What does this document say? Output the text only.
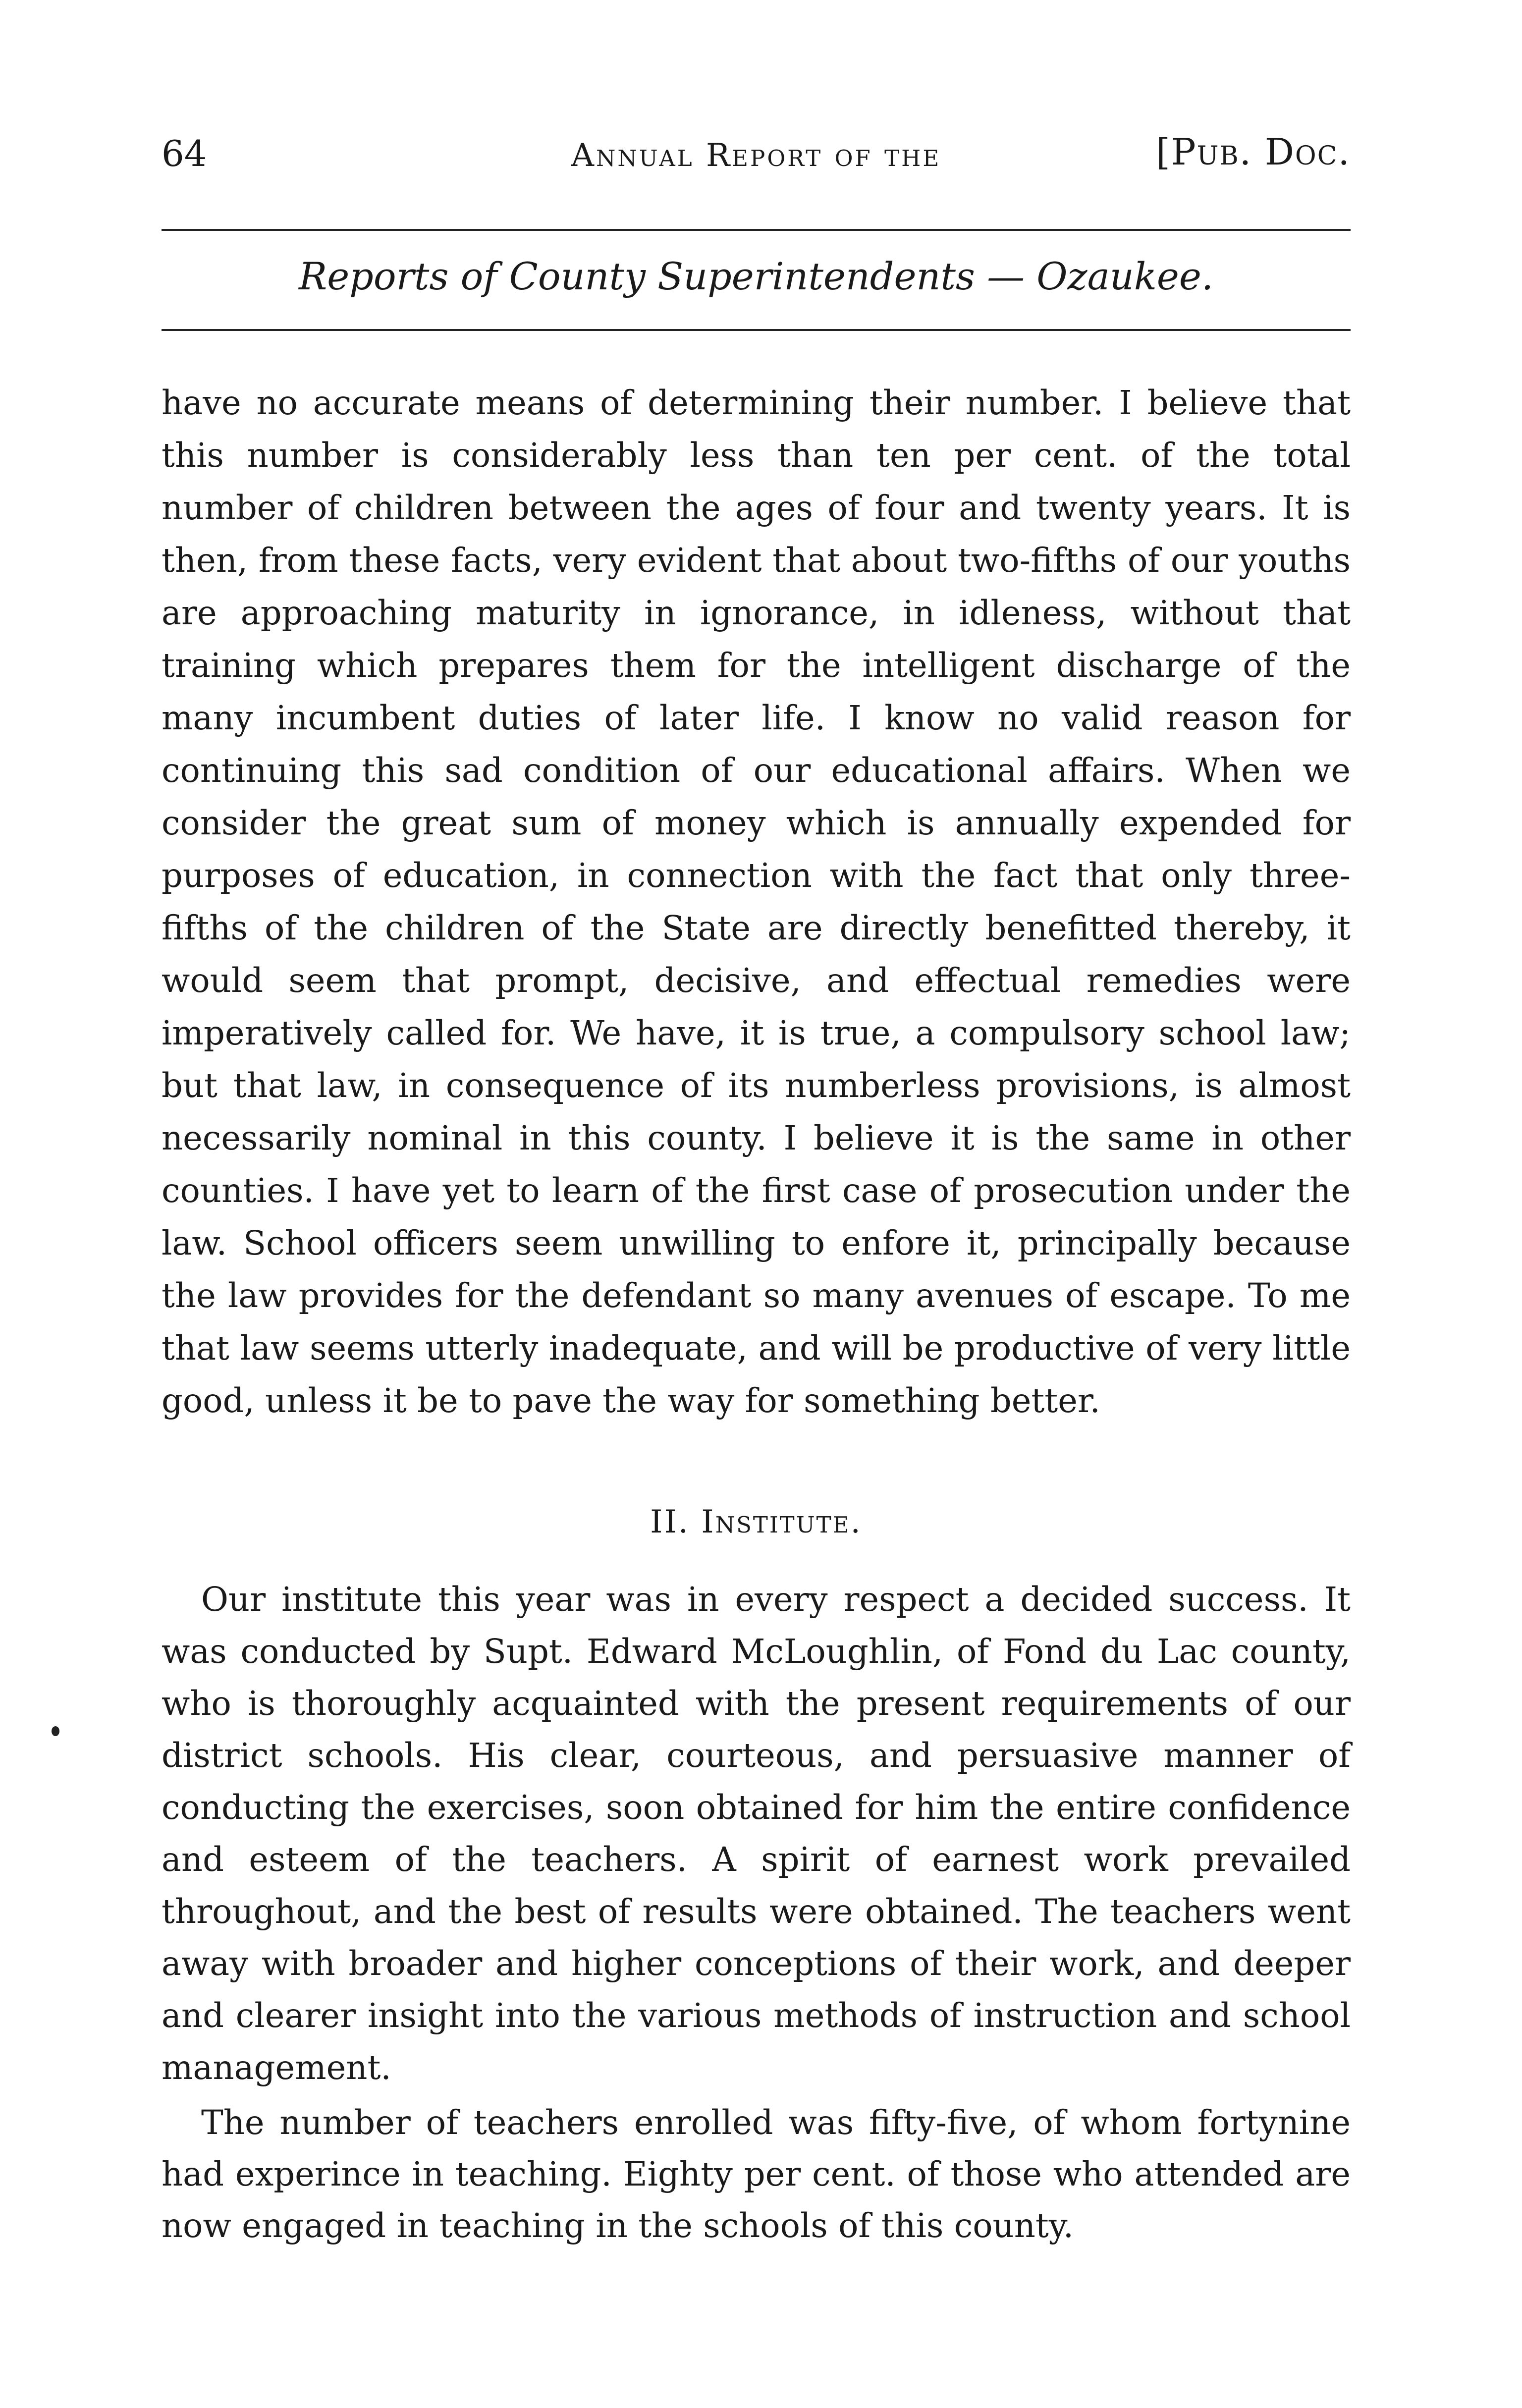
64	Annual Report of the	[Pub. Doc.
Reports of County Superintendents — Ozaukee.

have no accurate means of determining their number. I believe that this number is considerably less than ten per cent. of the total number of children between the ages of four and twenty years. It is then, from these facts, very evident that about two-fifths of our youths are approaching maturity in ignorance, in idleness, without that training which prepares them for the intelligent discharge of the many incumbent duties of later life. I know no valid reason for continuing this sad condition of our educational affairs. When we consider the great sum of money which is annually expended for purposes of education, in connection with the fact that only three-fifths of the children of the State are directly benefitted thereby, it would seem that prompt, decisive, and effectual remedies were imperatively called for. We have, it is true, a compulsory school law; but that law, in consequence of its numberless provisions, is almost necessarily nominal in this county. I believe it is the same in other counties. I have yet to learn of the first case of prosecution under the law. School officers seem unwilling to enfore it, principally because the law provides for the defendant so many avenues of escape. To me that law seems utterly inadequate, and will be productive of very little good, unless it be to pave the way for something better.

II. Institute.

Our institute this year was in every respect a decided success. It was conducted by Supt. Edward McLoughlin, of Fond du Lac county, who is thoroughly acquainted with the present requirements of our district schools. His clear, courteous, and persuasive manner of conducting the exercises, soon obtained for him the entire confidence and esteem of the teachers. A spirit of earnest work prevailed throughout, and the best of results were obtained. The teachers went away with broader and higher conceptions of their work, and deeper and clearer insight into the various methods of instruction and school management.

The number of teachers enrolled was fifty-five, of whom fortynine had experince in teaching. Eighty per cent. of those who attended are now engaged in teaching in the schools of this county.
